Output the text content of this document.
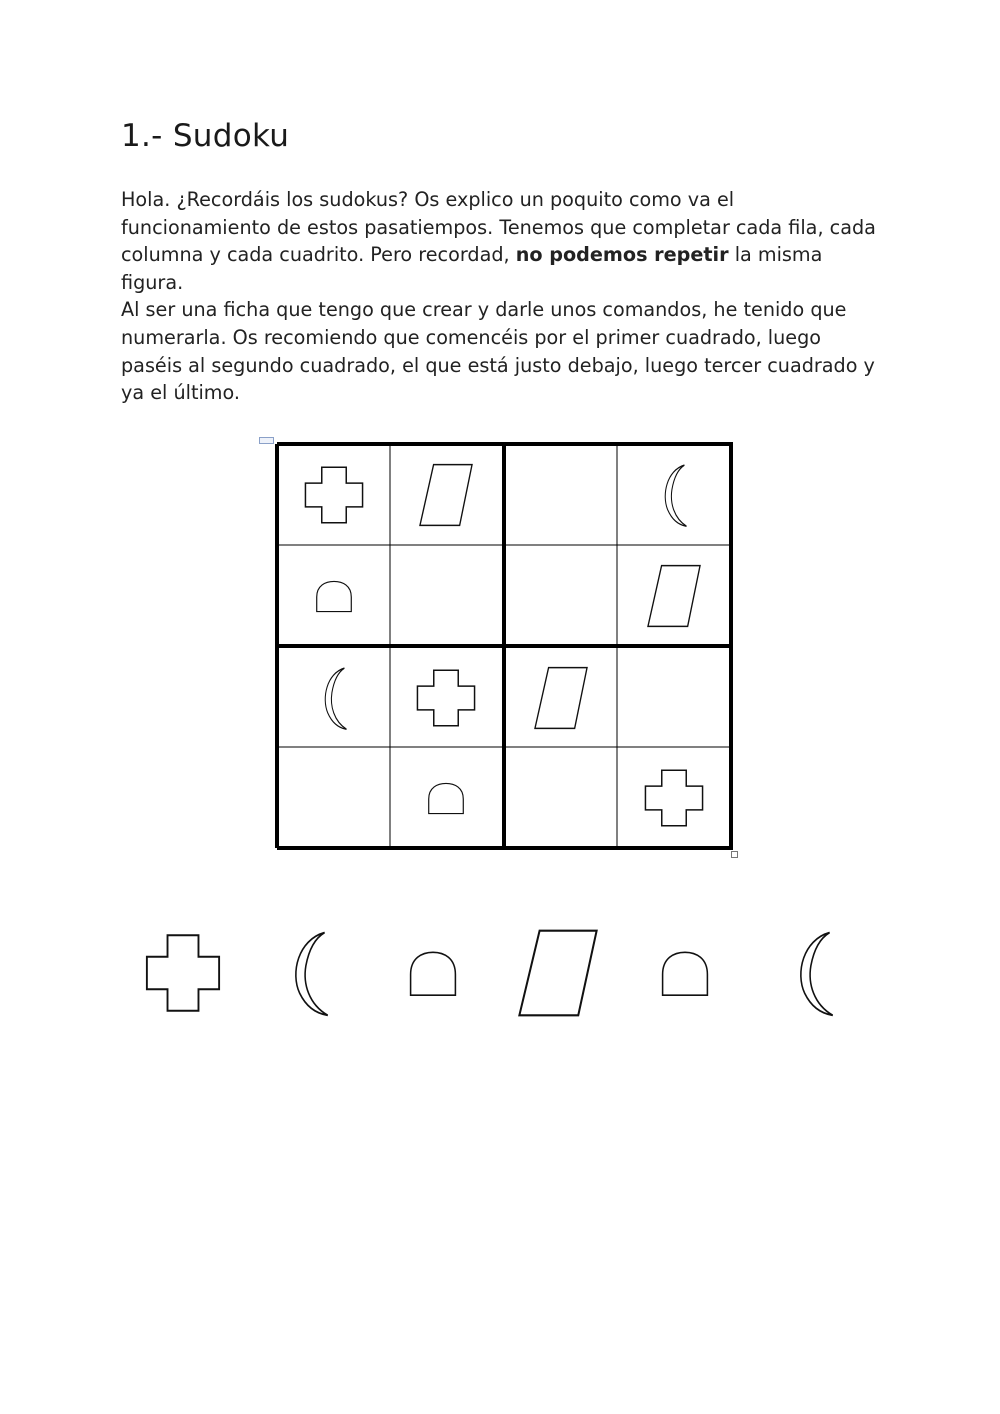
1.- Sudoku

Hola. ¿Recordáis los sudokus? Os explico un poquito como va el funcionamiento de estos pasatiempos. Tenemos que completar cada fila, cada columna y cada cuadrito. Pero recordad, no podemos repetir la misma figura.

Al ser una ficha que tengo que crear y darle unos comandos, he tenido que numerarla. Os recomiendo que comencéis por el primer cuadrado, luego paséis al segundo cuadrado, el que está justo debajo, luego tercer cuadrado y ya el último.
